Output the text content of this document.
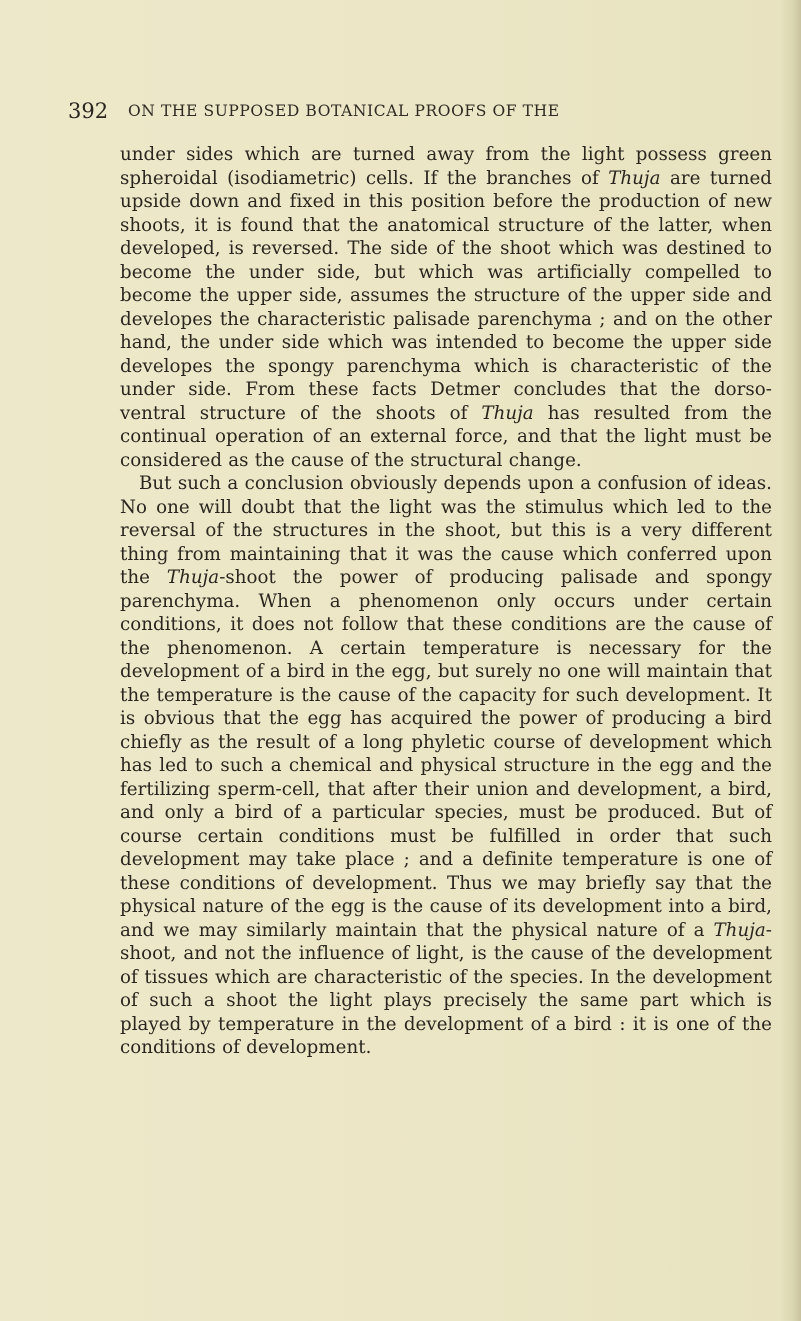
392 ON THE SUPPOSED BOTANICAL PROOFS OF THE

under sides which are turned away from the light possess green spheroidal (isodiametric) cells. If the branches of Thuja are turned upside down and fixed in this position before the production of new shoots, it is found that the anatomical structure of the latter, when developed, is reversed. The side of the shoot which was destined to become the under side, but which was artificially compelled to become the upper side, assumes the structure of the upper side and developes the characteristic palisade parenchyma ; and on the other hand, the under side which was intended to become the upper side developes the spongy parenchyma which is characteristic of the under side. From these facts Detmer concludes that the dorso-ventral structure of the shoots of Thuja has resulted from the continual operation of an external force, and that the light must be considered as the cause of the structural change.

But such a conclusion obviously depends upon a confusion of ideas. No one will doubt that the light was the stimulus which led to the reversal of the structures in the shoot, but this is a very different thing from maintaining that it was the cause which conferred upon the Thuja-shoot the power of producing palisade and spongy parenchyma. When a phenomenon only occurs under certain conditions, it does not follow that these conditions are the cause of the phenomenon. A certain temperature is necessary for the development of a bird in the egg, but surely no one will maintain that the temperature is the cause of the capacity for such development. It is obvious that the egg has acquired the power of producing a bird chiefly as the result of a long phyletic course of development which has led to such a chemical and physical structure in the egg and the fertilizing sperm-cell, that after their union and development, a bird, and only a bird of a particular species, must be produced. But of course certain conditions must be fulfilled in order that such development may take place ; and a definite temperature is one of these conditions of development. Thus we may briefly say that the physical nature of the egg is the cause of its development into a bird, and we may similarly maintain that the physical nature of a Thuja-shoot, and not the influence of light, is the cause of the development of tissues which are characteristic of the species. In the development of such a shoot the light plays precisely the same part which is played by temperature in the development of a bird : it is one of the conditions of development.
